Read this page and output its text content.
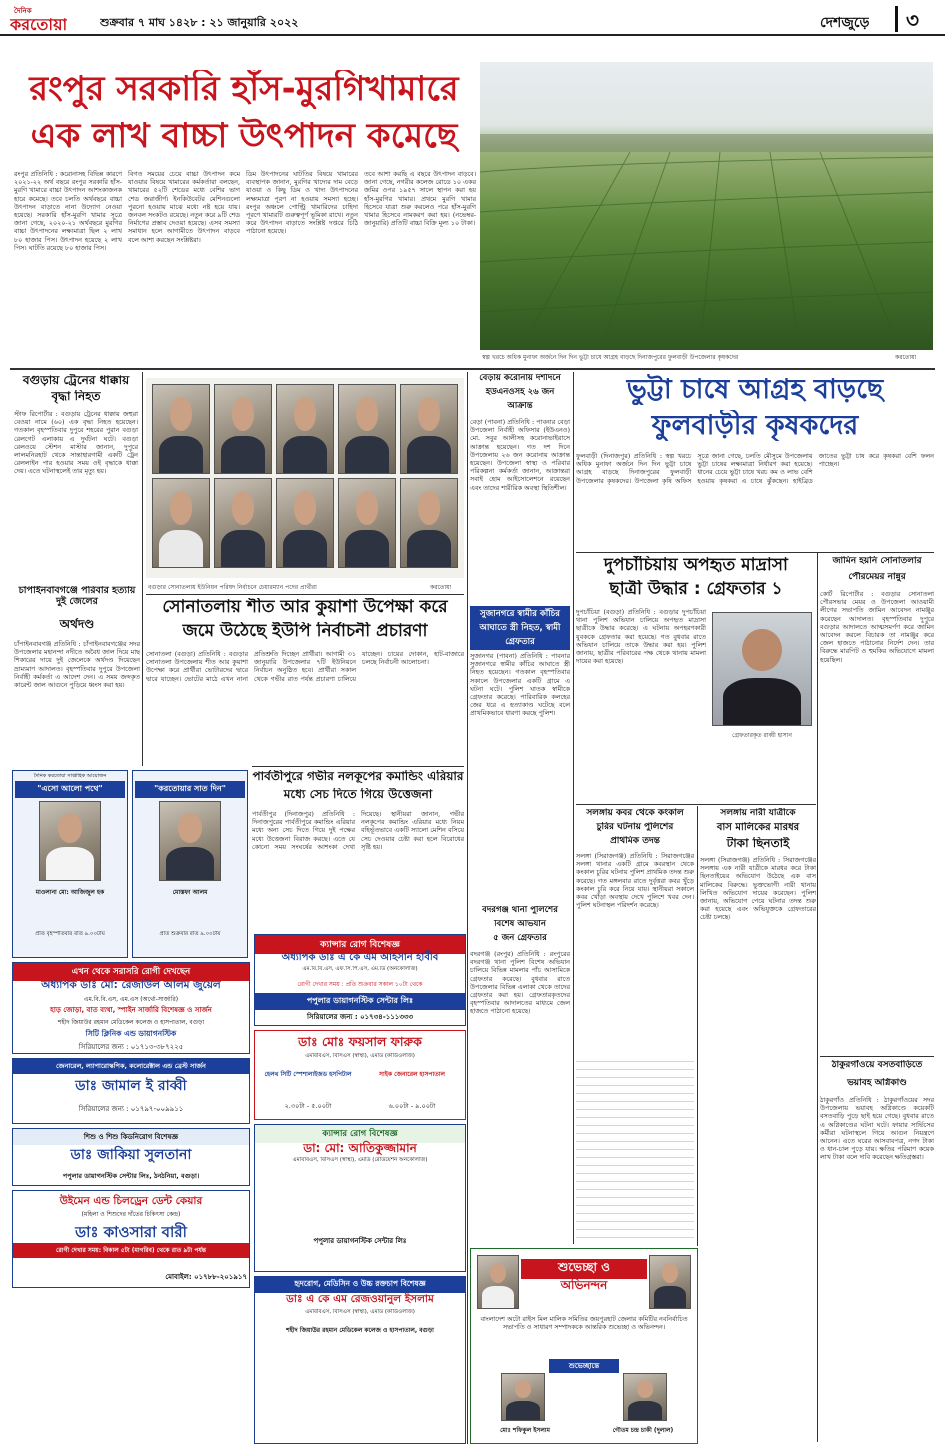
দৈনিক
করতোয়া	শুক্রবার ৭ মাঘ ১৪২৮ : ২১ জানুয়ারি ২০২২	দেশজুড়ে ৩
রংপুর সরকারি হাঁস-মুরগিখামারে
এক লাখ বাচ্চা উৎপাদন কমেছে
রংপুর প্রতিনিধি : করোনাসহ বিভিন্ন কারণে ২০২১-২২ অর্থ বছরে রংপুর সরকারি হাঁস-মুরগি খামারে বাচ্চা উৎপাদন আশংকাজনক হারে কমেছে। তবে চলতি অর্থবছরে বাচ্চা উৎপাদন বাড়াতে নানা উদ্যোগ নেওয়া হয়েছে। সরকারি হাঁস-মুরগি খামার সূত্রে জানা গেছে, ২০২০-২১ অর্থবছরে মুরগির বাচ্চা উৎপাদনের লক্ষ্যমাত্রা ছিল ২ লাখ ৮০ হাজার পিস। উৎপাদন হয়েছে ২ লাখ পিস। ঘাটতি রয়েছে ৮০ হাজার পিস।
বিগত সময়ের চেয়ে বাচ্চা উৎপাদন কমে যাওয়ার বিষয়ে খামারের কর্মকর্তারা বলছেন, খামারের ৫২টি শেডের মধ্যে বেশির ভাগ শেড জরাজীর্ণ। ইনকিউবেটর মেশিনগুলো পুরনো হওয়ায় মাঝে মধ্যে নষ্ট হয়ে যায়। জনবল সংকটও রয়েছে। নতুন করে ৯টি শেড নির্মাণের প্রস্তাব দেওয়া হয়েছে। এসব সমস্যা সমাধান হলে আগামীতে উৎপাদন বাড়বে বলে আশা করছেন সংশ্লিষ্টরা।
ডিম উৎপাদনের ঘাটতির বিষয়ে খামারের ব্যবস্থাপক জানান, মুরগির খাদ্যের দাম বেড়ে যাওয়া ও কিছু ডিম ও খাদ্য উৎপাদনের লক্ষ্যমাত্রা পূরণ না হওয়ায় সমস্যা হচ্ছে। রংপুর অঞ্চলে পোল্ট্রি খামারিদের চাহিদা পূরণে খামারটি গুরুত্বপূর্ণ ভূমিকা রাখে। নতুন করে উৎপাদন বাড়াতে সংশ্লিষ্ট দপ্তরে চিঠি পাঠানো হয়েছে।
তবে আশা করছি এ বছরে উৎপাদন বাড়বে। জানা গেছে, নগরীর কলেজ রোডে ১০ একর জমির ওপর ১৯৫৭ সালে স্থাপন করা হয় হাঁস-মুরগির খামার। প্রথমে মুরগি খামার হিসেবে যাত্রা শুরু করলেও পরে হাঁস-মুরগি খামার হিসেবে নামকরণ করা হয়। (নভেম্বর-জানুয়ারি) প্রতিটি বাচ্চা বিক্রি মূল্য ১০ টাকা।
স্বল্প খরচে অধিক মুনাফা অর্জনে দিন দিন ভুট্টা চাষে আগ্রহ বাড়ছে দিনাজপুরের ফুলবাড়ী উপজেলার কৃষকদের	করতোয়া
বগুড়ায় ট্রেনের ধাক্কায়
বৃদ্ধা নিহত
স্টাফ রিপোর্টার : বগুড়ায় ট্রেনের ধাক্কায় জহুরা বেওয়া নামে (৬০) এক বৃদ্ধা নিহত হয়েছেন। গতকাল বৃহস্পতিবার দুপুরে শহরের পুরান বগুড়া রেলগেট এলাকায় এ দুর্ঘটনা ঘটে। বগুড়া রেলওয়ে স্টেশন মাস্টার জানান, দুপুরে লালমনিরহাট থেকে সান্তাহারগামী একটি ট্রেন রেললাইন পার হওয়ার সময় ওই বৃদ্ধাকে ধাক্কা দেয়। এতে ঘটনাস্থলেই তার মৃত্যু হয়।
বগুড়ার সোনাতলায় ইউনিয়ন পরিষদ নির্বাচনে চেয়ারম্যান পদের প্রার্থীরা	করতোয়া
চাঁপাইনবাবগঞ্জে পরিবার হত্যায় দুই জেলের
অর্থদণ্ড
চাঁপাইনবাবগঞ্জ প্রতিনিধি : চাঁপাইনবাবগঞ্জের সদর উপজেলার মহানন্দা নদীতে অবৈধ জাল দিয়ে মাছ শিকারের দায়ে দুই জেলেকে অর্থদণ্ড দিয়েছেন ভ্রাম্যমাণ আদালত। বৃহস্পতিবার দুপুরে উপজেলা নির্বাহী কর্মকর্তা এ আদেশ দেন। এ সময় জব্দকৃত কারেন্ট জাল আগুনে পুড়িয়ে ধ্বংস করা হয়।
সোনাতলায় শীত আর কুয়াশা উপেক্ষা করে
জমে উঠেছে ইউপি নির্বাচনী প্রচারণা
সোনাতলা (বগুড়া) প্রতিনিধি : বগুড়ার সোনাতলা উপজেলায় শীত আর কুয়াশা উপেক্ষা করে প্রার্থীরা ভোটারদের দ্বারে দ্বারে যাচ্ছেন। ভোটের মাঠে এখন নানা প্রতিশ্রুতি দিচ্ছেন প্রার্থীরা। আগামী ৩১ জানুয়ারি উপজেলার ৭টি ইউনিয়নে নির্বাচন অনুষ্ঠিত হবে। প্রার্থীরা সকাল থেকে গভীর রাত পর্যন্ত প্রচারণা চালিয়ে যাচ্ছেন। চায়ের দোকান, হাট-বাজারে চলছে নির্বাচনী আলোচনা।
পার্বতীপুরে গভীর নলকূপের কমান্ডিং এরিয়ার
মধ্যে সেচ দিতে গিয়ে উত্তেজনা
পার্বতীপুর (দিনাজপুর) প্রতিনিধি : দিনাজপুরের পার্বতীপুরে কমান্ডিং এরিয়ার মধ্যে অন্য সেচ দিতে গিয়ে দুই পক্ষের মধ্যে উত্তেজনা বিরাজ করছে। এতে যে কোনো সময় সংঘর্ষের আশংকা দেখা দিয়েছে। স্থানীয়রা জানান, গভীর নলকূপের কমান্ডিং এরিয়ার মধ্যে নিয়ম বহির্ভূতভাবে একটি স্যালো মেশিন বসিয়ে সেচ দেওয়ার চেষ্টা করা হলে বিরোধের সৃষ্টি হয়।
দৈনিক করতোয়া সাপ্তাহিক আয়োজন
"এসো আলো পথে"
মাওলানা মো: আজিজুল হক
প্রতি বৃহস্পতিবার রাত ৯.০০টায়
"করতোয়ার সাত দিন"
মোস্তফা আলম
প্রতি শুক্রবার রাত ৯.০০টায়
এখন থেকে সরাসরি রোগী দেখছেন
অধ্যাপক ডাঃ মো: রেজাউল আলম জুয়েল
এম.বি.বি.এস, এম.এস (অর্থো-সার্জারি)
হাড় জোড়া, বাত ব্যথা, স্পাইন সার্জারি বিশেষজ্ঞ ও সার্জন
শহীদ জিয়াউর রহমান মেডিকেল কলেজ ও হাসপাতাল, বগুড়া
সিটি ক্লিনিক এন্ড ডায়াগনস্টিক
সিরিয়ালের জন্য : ০১৭১৩-৩৮৭২২৫
জেনারেল, ল্যাপারোস্কপিক, কলোরেক্টাল এন্ড ব্রেস্ট সার্জন
ডাঃ জামাল ই রাব্বী
সিরিয়ালের জন্য : ০১৭৯৭-০০৯৯১১
শিশু ও শিশু কিডনিরোগ বিশেষজ্ঞ
ডাঃ জাকিয়া সুলতানা
পপুলার ডায়াগনস্টিক সেন্টার লিঃ, ঠনঠনিয়া, বগুড়া।
উইমেন এন্ড চিলড্রেন ডেন্ট কেয়ার
(মহিলা ও শিশুদের দাঁতের চিকিৎসা কেন্দ্র)
ডাঃ কাওসারা বারী
রোগী দেখার সময়: বিকাল ৫টা (মাগরিব) থেকে রাত ৯টা পর্যন্ত
মোবাইল: ০১৭৮৮-২০১৯১৭
ক্যান্সার রোগ বিশেষজ্ঞ
অধ্যাপক ডাঃ এ কে এম আহসান হাবীব
এম.বি.বি.এস, এফ.সি.পি.এস, এম.ডি (অনকোলজি)
রোগী দেখার সময় : প্রতি শুক্রবার সকাল ১০টা থেকে
পপুলার ডায়াগনস্টিক সেন্টার লিঃ
সিরিয়ালের জন্য : ০১৭৩৪-১১১৩৩৩
ডাঃ মোঃ ফয়সাল ফারুক
এমবিবিএস, বিসিএস (স্বাস্থ্য), এমডি (কার্ডিওলজি)
হেলথ সিটি স্পেশালাইজড হসপিটাল	সাইক জেনারেল হাসপাতাল
২.৩০টা - ৫.০০টা	৬.০০টা - ৯.০০টা
ক্যান্সার রোগ বিশেষজ্ঞ
ডা: মো: আতিকুজ্জামান
এমবিবিএস, বিসিএস (স্বাস্থ্য), এমডি (রেডিয়েশন অনকোলজি)
পপুলার ডায়াগনস্টিক সেন্টার লিঃ
হৃদরোগ, মেডিসিন ও উচ্চ রক্তচাপ বিশেষজ্ঞ
ডাঃ এ কে এম রেজওয়ানুল ইসলাম
এমবিবিএস, বিসিএস (স্বাস্থ্য), এমডি (কার্ডিওলজি)
শহীদ জিয়াউর রহমান মেডিকেল কলেজ ও হাসপাতাল, বগুড়া
বেড়ায় করোনায় দশদিনে
ইউএনওসহ ২৬ জন
আক্রান্ত
বেড়া (পাবনা) প্রতিনিধি : পাবনার বেড়া উপজেলা নির্বাহী অফিসার (ইউএনও) মো. সবুর আলীসহ করোনাভাইরাসে আক্রান্ত হয়েছেন। গত দশ দিনে উপজেলায় ২৬ জন করোনায় আক্রান্ত হয়েছেন। উপজেলা স্বাস্থ্য ও পরিবার পরিকল্পনা কর্মকর্তা জানান, আক্রান্তরা সবাই হোম আইসোলেশনে রয়েছেন এবং তাদের শারীরিক অবস্থা স্থিতিশীল।
ভুট্টা চাষে আগ্রহ বাড়ছে
ফুলবাড়ীর কৃষকদের
ফুলবাড়ী (দিনাজপুর) প্রতিনিধি : স্বল্প খরচে অধিক মুনাফা অর্জনে দিন দিন ভুট্টা চাষে আগ্রহ বাড়ছে দিনাজপুরের ফুলবাড়ী উপজেলার কৃষকদের। উপজেলা কৃষি অফিস সূত্রে জানা গেছে, চলতি মৌসুমে উপজেলায় ভুট্টা চাষের লক্ষ্যমাত্রা নির্ধারণ করা হয়েছে। ধানের চেয়ে ভুট্টা চাষে খরচ কম ও লাভ বেশি হওয়ায় কৃষকরা এ চাষে ঝুঁকছেন। হাইব্রিড জাতের ভুট্টা চাষ করে কৃষকরা বেশি ফলন পাচ্ছেন।
সুজানগরে স্বামীর কাঁচির
আঘাতে স্ত্রী নিহত, স্বামী
গ্রেফতার
সুজানগর (পাবনা) প্রতিনিধি : পাবনার সুজানগরে স্বামীর কাঁচির আঘাতে স্ত্রী নিহত হয়েছেন। গতকাল বৃহস্পতিবার সকালে উপজেলার একটি গ্রামে এ ঘটনা ঘটে। পুলিশ ঘাতক স্বামীকে গ্রেফতার করেছে। পারিবারিক কলহের জের ধরে এ হত্যাকাণ্ড ঘটেছে বলে প্রাথমিকভাবে ধারণা করছে পুলিশ।
দুপচাঁচিয়ায় অপহৃত মাদ্রাসা
ছাত্রী উদ্ধার : গ্রেফতার ১
দুপচাঁচিয়া (বগুড়া) প্রতিনিধি : বগুড়ার দুপচাঁচিয়া থানা পুলিশ অভিযান চালিয়ে অপহৃত মাদ্রাসা ছাত্রীকে উদ্ধার করেছে। এ ঘটনায় অপহরণকারী যুবককে গ্রেফতার করা হয়েছে। গত বুধবার রাতে অভিযান চালিয়ে তাকে উদ্ধার করা হয়। পুলিশ জানায়, ছাত্রীর পরিবারের পক্ষ থেকে থানায় মামলা দায়ের করা হয়েছে।
গ্রেফতারকৃত রাব্বী হাসান
জামিন হয়নি সোনাতলার
পৌরমেয়র নান্নুর
কোর্ট রিপোর্টার : বগুড়ার সোনাতলা পৌরসভার মেয়র ও উপজেলা আওয়ামী লীগের সভাপতি জামিন আবেদন নামঞ্জুর করেছেন আদালত। বৃহস্পতিবার দুপুরে বগুড়ার আদালতে আত্মসমর্পণ করে জামিন আবেদন করলে বিচারক তা নামঞ্জুর করে জেল হাজতে পাঠানোর নির্দেশ দেন। তার বিরুদ্ধে মারপিট ও হুমকির অভিযোগে মামলা হয়েছিল।
ঠাকুরগাঁওয়ে বসতবাড়িতে
ভয়াবহ অগ্নিকাণ্ড
ঠাকুরগাঁও প্রতিনিধি : ঠাকুরগাঁওয়ের সদর উপজেলায় ভয়াবহ অগ্নিকাণ্ডে কয়েকটি বসতবাড়ি পুড়ে ছাই হয়ে গেছে। বুধবার রাতে এ অগ্নিকাণ্ডের ঘটনা ঘটে। ফায়ার সার্ভিসের কর্মীরা ঘটনাস্থলে গিয়ে আগুন নিয়ন্ত্রণে আনেন। এতে ঘরের আসবাবপত্র, নগদ টাকা ও ধান-চাল পুড়ে যায়। ক্ষতির পরিমাণ কয়েক লাখ টাকা বলে দাবি করেছেন ক্ষতিগ্রস্তরা।
সলঙ্গায় কবর থেকে কংকাল
চুরির ঘটনায় পুলিশের
প্রাথমিক তদন্ত
সলঙ্গা (সিরাজগঞ্জ) প্রতিনিধি : সিরাজগঞ্জের সলঙ্গা থানার একটি গ্রামে কবরস্থান থেকে কংকাল চুরির ঘটনায় পুলিশ প্রাথমিক তদন্ত শুরু করেছে। গত মঙ্গলবার রাতে দুর্বৃত্তরা কবর খুঁড়ে কংকাল চুরি করে নিয়ে যায়। স্থানীয়রা সকালে কবর খোঁড়া অবস্থায় দেখে পুলিশে খবর দেন। পুলিশ ঘটনাস্থল পরিদর্শন করেছে।
সলঙ্গায় নারী যাত্রীকে
বাস মালিকের মারধর
টাকা ছিনতাই
সলঙ্গা (সিরাজগঞ্জ) প্রতিনিধি : সিরাজগঞ্জের সলঙ্গায় এক নারী যাত্রীকে মারধর করে টাকা ছিনতাইয়ের অভিযোগ উঠেছে এক বাস মালিকের বিরুদ্ধে। ভুক্তভোগী নারী থানায় লিখিত অভিযোগ দায়ের করেছেন। পুলিশ জানায়, অভিযোগ পেয়ে ঘটনার তদন্ত শুরু করা হয়েছে এবং অভিযুক্তকে গ্রেফতারের চেষ্টা চলছে।
বদরগঞ্জ থানা পুলিশের
বিশেষ অভিযান
৫ জন গ্রেফতার
বদরগঞ্জ (রংপুর) প্রতিনিধি : রংপুরের বদরগঞ্জ থানা পুলিশ বিশেষ অভিযান চালিয়ে বিভিন্ন মামলার পাঁচ আসামিকে গ্রেফতার করেছে। বুধবার রাতে উপজেলার বিভিন্ন এলাকা থেকে তাদের গ্রেফতার করা হয়। গ্রেফতারকৃতদের বৃহস্পতিবার আদালতের মাধ্যমে জেল হাজতে পাঠানো হয়েছে।
শুভেচ্ছা ও
অভিনন্দন
বাংলাদেশ অটো রাইস মিল মালিক সমিতির জয়পুরহাট জেলার কমিটির নবনির্বাচিত সভাপতি ও সাধারণ সম্পাদককে আন্তরিক শুভেচ্ছা ও অভিনন্দন।
শুভেচ্ছান্তে
মোঃ শফিকুল ইসলাম	গৌতম চন্দ্র চাকী (দুলাল)
